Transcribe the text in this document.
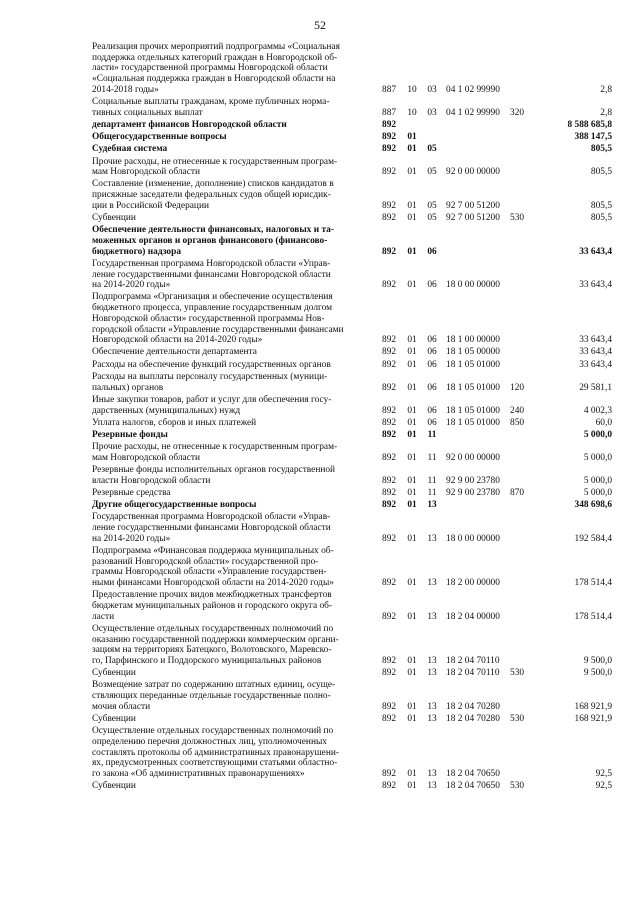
52
Реализация прочих мероприятий подпрограммы «Социальная
поддержка отдельных категорий граждан в Новгородской об-
ласти» государственной программы Новгородской области
«Социальная поддержка граждан в Новгородской области на
2014-2018 годы»	887	10	03 04 1 02 99990	2,8
Социальные выплаты гражданам, кроме публичных норма-
тивных социальных выплат	887	10	03 04 1 02 99990	320	2,8
департамент финансов Новгородской области	892	8 588 685,8
Общегосударственные вопросы	892	01	388 147,5
Судебная система	892	01	05	805,5
Прочие расходы, не отнесенные к государственным програм-
мам Новгородской области	892	01	05 92 0 00 00000	805,5
Составление (изменение, дополнение) списков кандидатов в
присяжные заседатели федеральных судов общей юрисдик-
ции в Российской Федерации	892	01	05 92 7 00 51200	805,5
Субвенции	892	01	05 92 7 00 51200	530	805,5
Обеспечение деятельности финансовых, налоговых и та-
моженных органов и органов финансового (финансово-
бюджетного) надзора	892	01	06	33 643,4
Государственная программа Новгородской области «Управ-
ление государственными финансами Новгородской области
на 2014-2020 годы»	892	01	06 18 0 00 00000	33 643,4
Подпрограмма «Организация и обеспечение осуществления
бюджетного процесса, управление государственным долгом
Новгородской области» государственной программы Нов-
городской области «Управление государственными финансами
Новгородской области на 2014-2020 годы»	892	01	06 18 1 00 00000	33 643,4
Обеспечение деятельности департамента	892	01	06 18 1 05 00000	33 643,4
Расходы на обеспечение функций государственных органов	892	01	06 18 1 05 01000	33 643,4
Расходы на выплаты персоналу государственных (муници-
пальных) органов	892	01	06 18 1 05 01000	120	29 581,1
Иные закупки товаров, работ и услуг для обеспечения госу-
дарственных (муниципальных) нужд	892	01	06 18 1 05 01000	240	4 002,3
Уплата налогов, сборов и иных платежей	892	01	06 18 1 05 01000	850	60,0
Резервные фонды	892	01	11	5 000,0
Прочие расходы, не отнесенные к государственным програм-
мам Новгородской области	892	01	11	92 0 00 00000	5 000,0
Резервные фонды исполнительных органов государственной
власти Новгородской области	892	01	11	92 9 00 23780	5 000,0
Резервные средства	892	01	11	92 9 00 23780	870	5 000,0
Другие общегосударственные вопросы	892	01	13	348 698,6
Государственная программа Новгородской области «Управ-
ление государственными финансами Новгородской области
на 2014-2020 годы»	892	01	13 18 0 00 00000	192 584,4
Подпрограмма «Финансовая поддержка муниципальных об-
разований Новгородской области» государственной про-
граммы Новгородской области «Управление государствен-
ными финансами Новгородской области на 2014-2020 годы»	892	01	13 18 2 00 00000	178 514,4
Предоставление прочих видов межбюджетных трансфертов
бюджетам муниципальных районов и городского округа об-
ласти	892	01	13 18 2 04 00000	178 514,4
Осуществление отдельных государственных полномочий по
оказанию государственной поддержки коммерческим органи-
зациям на территориях Батецкого, Волотовского, Маревско-
го, Парфинского и Поддорского муниципальных районов	892	01	13 18 2 04 70110	9 500,0
Субвенции	892	01	13 18 2 04 70110	530	9 500,0
Возмещение затрат по содержанию штатных единиц, осуще-
ствляющих переданные отдельные государственные полно-
мочия области	892	01	13 18 2 04 70280	168 921,9
Субвенции	892	01	13 18 2 04 70280	530	168 921,9
Осуществление отдельных государственных полномочий по
определению перечня должностных лиц, уполномоченных
составлять протоколы об административных правонарушени-
ях, предусмотренных соответствующими статьями областно-
го закона «Об административных правонарушениях»	892	01	13 18 2 04 70650	92,5
Субвенции	892	01	13 18 2 04 70650	530	92,5
